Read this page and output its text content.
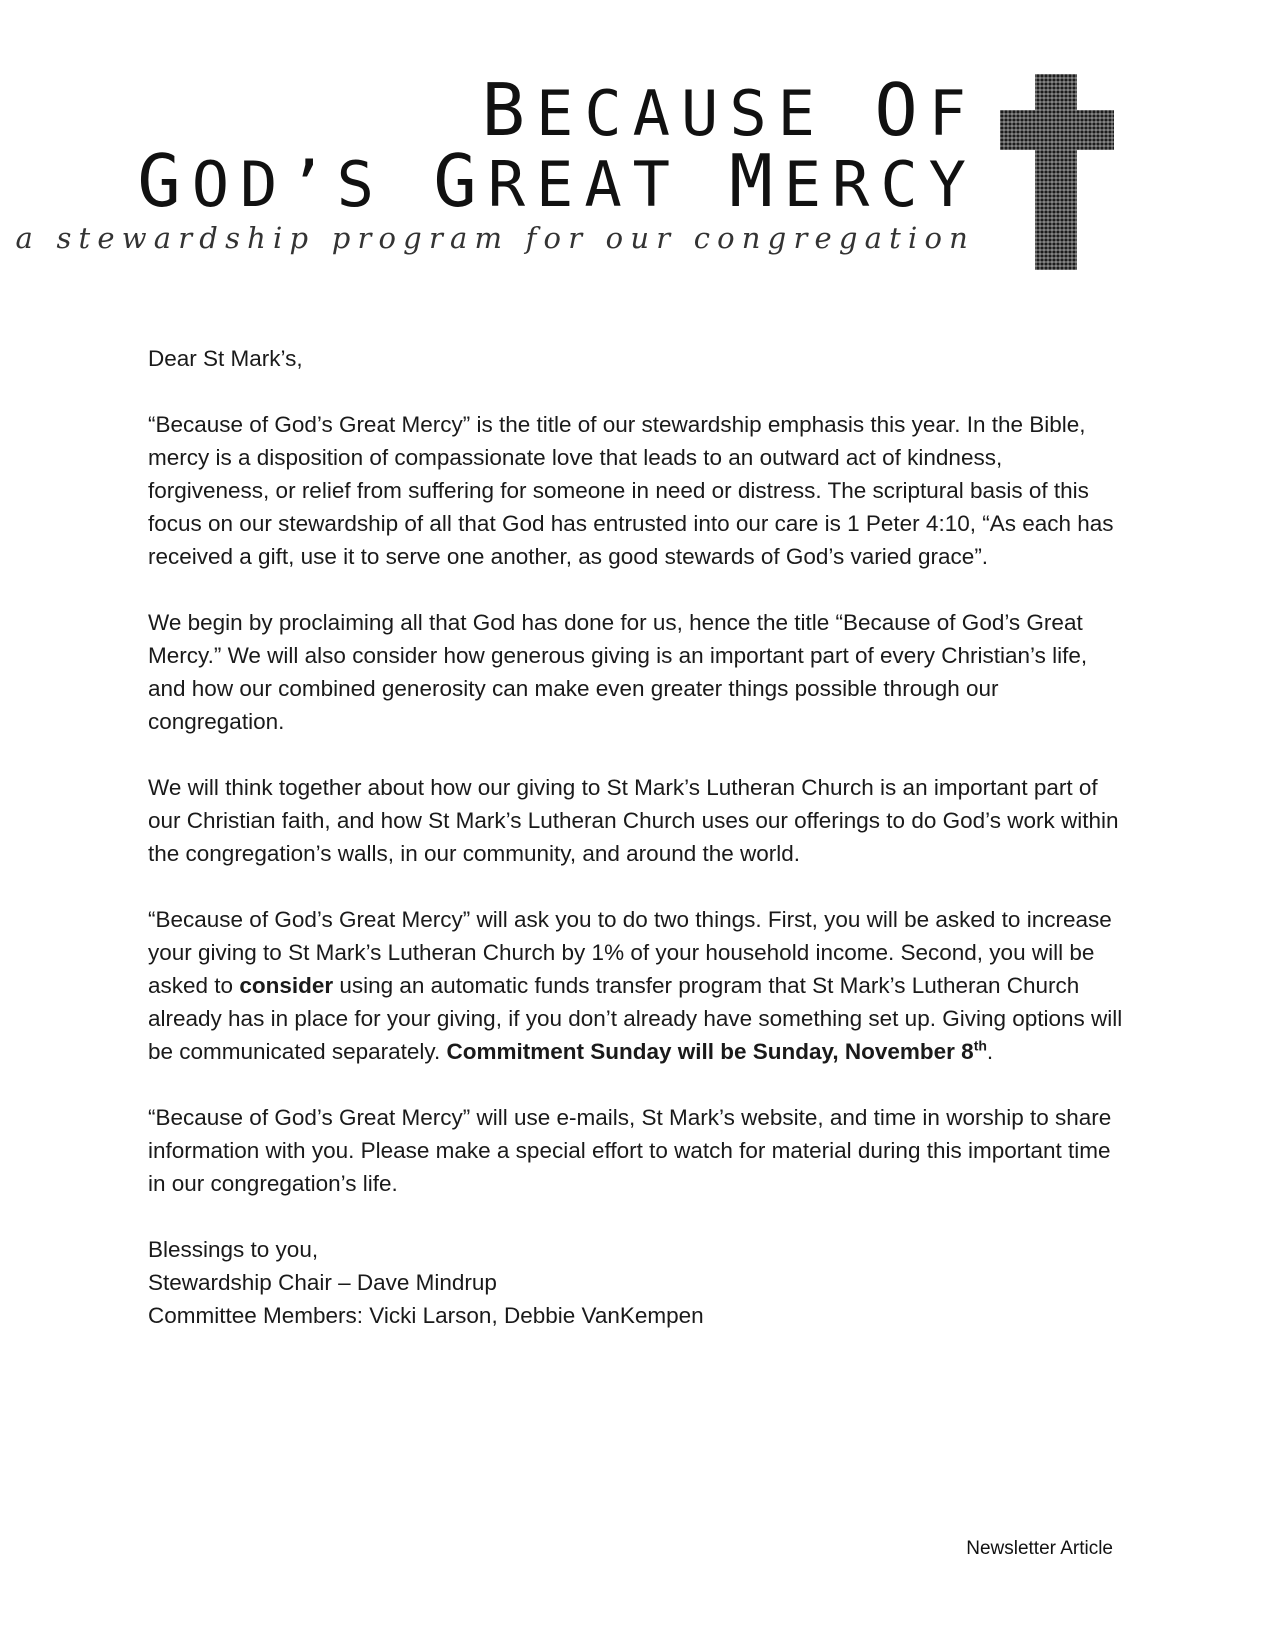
BECAUSE OF
GOD’S GREAT MERCY

a stewardship program for our congregation

Dear St Mark’s,

“Because of God’s Great Mercy” is the title of our stewardship emphasis this year. In the Bible, mercy is a disposition of compassionate love that leads to an outward act of kindness, forgiveness, or relief from suffering for someone in need or distress. The scriptural basis of this focus on our stewardship of all that God has entrusted into our care is 1 Peter 4:10, “As each has received a gift, use it to serve one another, as good stewards of God’s varied grace”.

We begin by proclaiming all that God has done for us, hence the title “Because of God’s Great Mercy.” We will also consider how generous giving is an important part of every Christian’s life, and how our combined generosity can make even greater things possible through our congregation.

We will think together about how our giving to St Mark’s Lutheran Church is an important part of our Christian faith, and how St Mark’s Lutheran Church uses our offerings to do God’s work within the congregation’s walls, in our community, and around the world.

“Because of God’s Great Mercy” will ask you to do two things. First, you will be asked to increase your giving to St Mark’s Lutheran Church by 1% of your household income. Second, you will be asked to consider using an automatic funds transfer program that St Mark’s Lutheran Church already has in place for your giving, if you don’t already have something set up. Giving options will be communicated separately. Commitment Sunday will be Sunday, November 8th.

“Because of God’s Great Mercy” will use e-mails, St Mark’s website, and time in worship to share information with you. Please make a special effort to watch for material during this important time in our congregation’s life.

Blessings to you,

Stewardship Chair – Dave Mindrup

Committee Members: Vicki Larson, Debbie VanKempen

Newsletter Article
